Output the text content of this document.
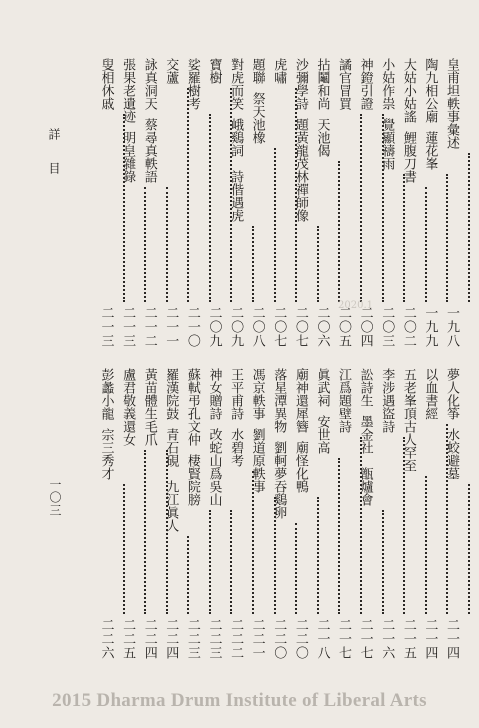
詳目
一〇三
皇甫坦軼事彙述
一九八
陶九相公廟蓮花峯
一九九
大姑小姑謠鯉腹刀書
二〇二
小姑作祟覺顯禱雨
二〇三
神鐙引證
二〇四
譎官冒買
二〇五
拈鬮和尚天池偈
二〇六
沙彌學詩題黃龍茂林禪師像
二〇七
虎嘯
二〇七
題聯祭天池橡
二〇八
對虎而笑峨鷄詞　詩偕遇虎
二〇九
寶樹
二〇九
娑羅樹考
二一〇
交蘆
二一一
詠真洞天蔡尋真軼語
二一二
張果老遺迹明皇雜錄
二一三
叟相休戚
二一三
夢人化筝水蛟避墓
二一四
以血書經
二一四
五老峯頂古人罕至
二一五
李涉遇盜詩
二一六
訟詩生墨金社　甑爐會
二一七
江爲題壁詩
二一七
眞武祠安世高
二一八
廟神還犀簪廟怪化鴨
二二〇
落星潭異物劉軻夢吞鷄卵
二二〇
馮京軼事劉道原軼事
二二一
王平甫詩水碧考
二二二
神女贈詩改蛇山爲吳山
二二三
蘇軾弔孔文仲棲賢院膀
二二三
羅漢院鼓青石硯　九江眞人
二二四
黃苗體生毛爪
二二四
盧君敬義還女
二二五
彭蠡小龍宗三秀才
二二六
2020.1
2015 Dharma Drum Institute of Liberal Arts
